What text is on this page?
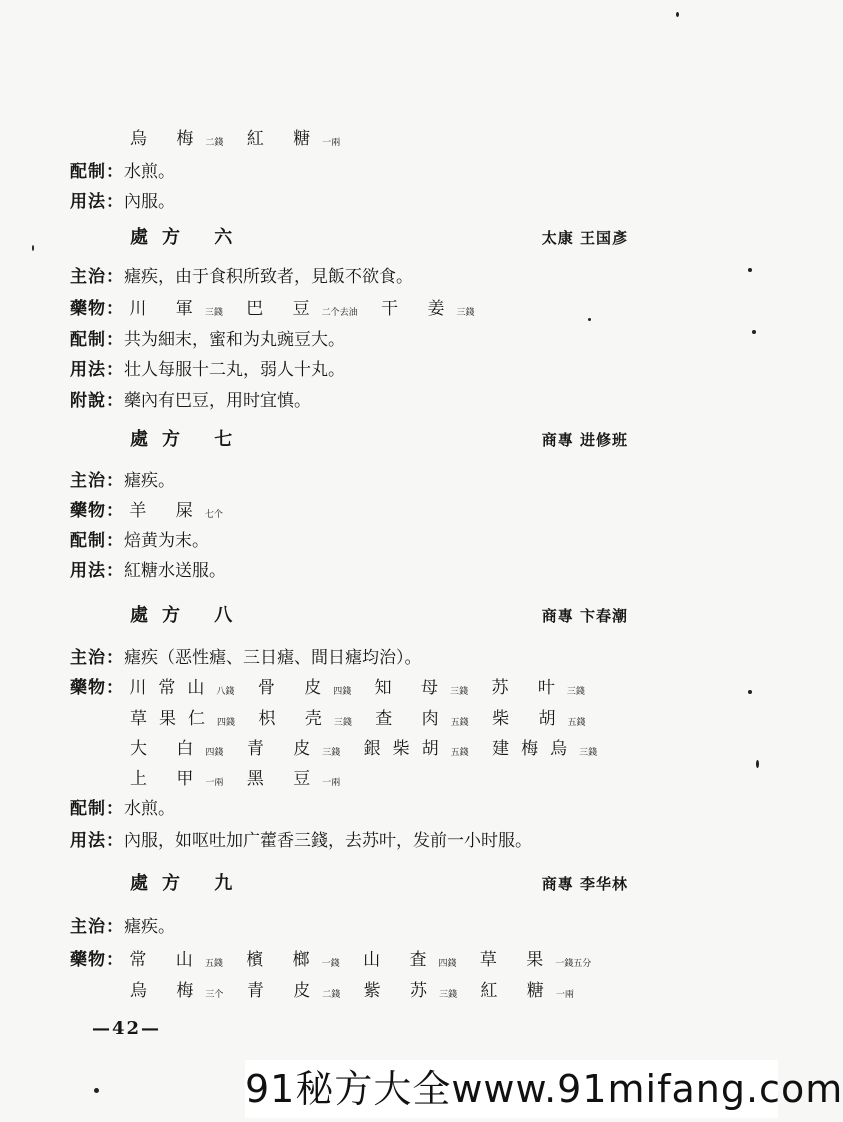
烏 梅二錢 紅 糖一兩
配制：水煎。
用法：內服。
處方 六	太康 王国彥
主治：瘧疾，由于食积所致者，見飯不欲食。
藥物： 川 軍三錢 巴 豆二个去油 干 姜三錢
配制：共为細末，蜜和为丸豌豆大。
用法：壮人每服十二丸，弱人十丸。
附說：藥內有巴豆，用时宜慎。
處方 七	商專 进修班
主治：瘧疾。
藥物： 羊 屎七个
配制：焙黄为末。
用法：紅糖水送服。
處方 八	商專 卞春潮
主治：瘧疾（恶性瘧、三日瘧、間日瘧均治）。
藥物： 川常山八錢 骨 皮四錢 知 母三錢 苏 叶三錢
草果仁四錢 枳 壳三錢 查 肉五錢 柴 胡五錢
大 白四錢 青 皮三錢 銀柴胡五錢 建梅烏三錢
上 甲一兩 黑 豆一兩
配制：水煎。
用法：內服，如呕吐加广藿香三錢，去苏叶，发前一小时服。
處方 九	商專 李华林
主治：瘧疾。
藥物： 常 山五錢 檳 榔一錢 山 査四錢 草 果一錢五分
烏 梅三个 青 皮二錢 紫 苏三錢 紅 糖一兩
—42—
91秘方大全www.91mifang.com
